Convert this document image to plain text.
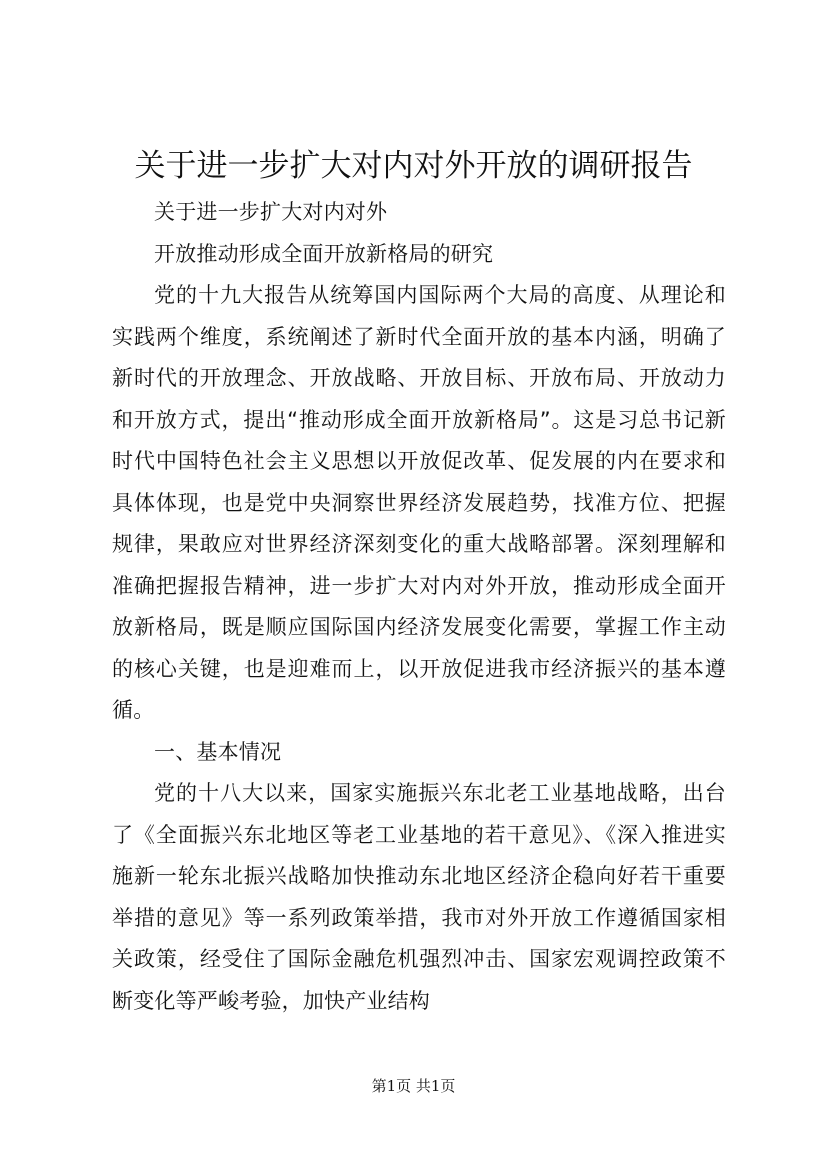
关于进一步扩大对内对外开放的调研报告

关于进一步扩大对内对外

开放推动形成全面开放新格局的研究

党的十九大报告从统筹国内国际两个大局的高度、从理论和实践两个维度，系统阐述了新时代全面开放的基本内涵，明确了新时代的开放理念、开放战略、开放目标、开放布局、开放动力和开放方式，提出“推动形成全面开放新格局”。这是习总书记新时代中国特色社会主义思想以开放促改革、促发展的内在要求和具体体现，也是党中央洞察世界经济发展趋势，找准方位、把握规律，果敢应对世界经济深刻变化的重大战略部署。深刻理解和准确把握报告精神，进一步扩大对内对外开放，推动形成全面开放新格局，既是顺应国际国内经济发展变化需要，掌握工作主动的核心关键，也是迎难而上，以开放促进我市经济振兴的基本遵循。

一、基本情况

党的十八大以来，国家实施振兴东北老工业基地战略，出台了《全面振兴东北地区等老工业基地的若干意见》、《深入推进实施新一轮东北振兴战略加快推动东北地区经济企稳向好若干重要举措的意见》等一系列政策举措，我市对外开放工作遵循国家相关政策，经受住了国际金融危机强烈冲击、国家宏观调控政策不断变化等严峻考验，加快产业结构

第1页 共1页
